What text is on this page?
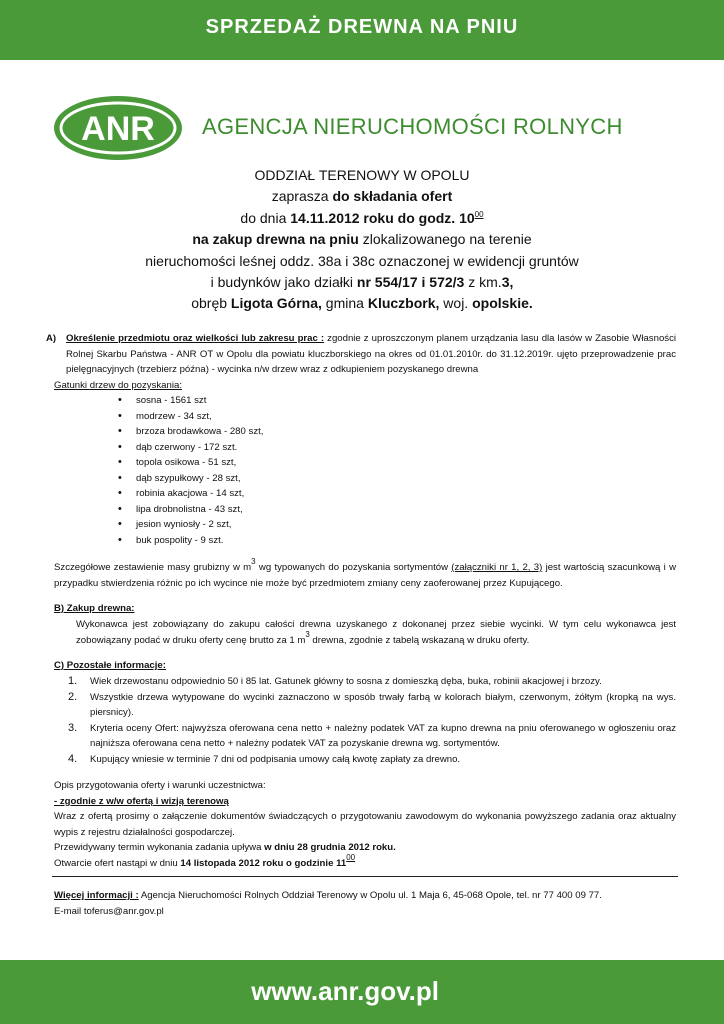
SPRZEDAŻ DREWNA NA PNIU
ANR AGENCJA NIERUCHOMOŚCI ROLNYCH
ODDZIAŁ TERENOWY W OPOLU
zaprasza do składania ofert
do dnia 14.11.2012 roku do godz. $10^{00}$
na zakup drewna na pniu zlokalizowanego na terenie
nieruchomości leśnej oddz. 38a i 38c oznaczonej w ewidencji gruntów
i budynków jako działki nr 554/17 i 572/3 z km.3,
obręb Ligota Górna, gmina Kluczbork, woj. opolskie.
A) Określenie przedmiotu oraz wielkości lub zakresu prac : zgodnie z uproszczonym planem urządzania lasu dla lasów w Zasobie Własności Rolnej Skarbu Państwa - ANR OT w Opolu dla powiatu kluczborskiego na okres od 01.01.2010r. do 31.12.2019r. ujęto przeprowadzenie prac pielęgnacyjnych (trzebierz późna) - wycinka n/w drzew wraz z odkupieniem pozyskanego drewna
Gatunki drzew do pozyskania:
• sosna - 1561 szt
• modrzew - 34 szt,
• brzoza brodawkowa - 280 szt,
• dąb czerwony - 172 szt.
• topola osikowa - 51 szt,
• dąb szypułkowy - 28 szt,
• robinia akacjowa - 14 szt,
• lipa drobnolistna - 43 szt,
• jesion wyniosły - 2 szt,
• buk pospolity - 9 szt.
Szczegółowe zestawienie masy grubizny w $m^3$ wg typowanych do pozyskania sortymentów (załączniki nr 1, 2, 3) jest wartością szacunkową i w przypadku stwierdzenia różnic po ich wycince nie może być przedmiotem zmiany ceny zaoferowanej przez Kupującego.
B) Zakup drewna:
Wykonawca jest zobowiązany do zakupu całości drewna uzyskanego z dokonanej przez siebie wycinki. W tym celu wykonawca jest zobowiązany podać w druku oferty cenę brutto za 1 $m^3$ drewna, zgodnie z tabelą wskazaną w druku oferty.
C) Pozostałe informacje:
1. Wiek drzewostanu odpowiednio 50 i 85 lat. Gatunek główny to sosna z domieszką dęba, buka, robinii akacjowej i brzozy.
2. Wszystkie drzewa wytypowane do wycinki zaznaczono w sposób trwały farbą w kolorach białym, czerwonym, żółtym (kropką na wys. piersnicy).
3. Kryteria oceny Ofert: najwyższa oferowana cena netto + należny podatek VAT za kupno drewna na pniu oferowanego w ogłoszeniu oraz najniższa oferowana cena netto + należny podatek VAT za pozyskanie drewna wg. sortymentów.
4. Kupujący wniesie w terminie 7 dni od podpisania umowy całą kwotę zapłaty za drewno.
Opis przygotowania oferty i warunki uczestnictwa:
- zgodnie z w/w ofertą i wizją terenową
Wraz z ofertą prosimy o załączenie dokumentów świadczących o przygotowaniu zawodowym do wykonania powyższego zadania oraz aktualny wypis z rejestru działalności gospodarczej.
Przewidywany termin wykonania zadania upływa w dniu 28 grudnia 2012 roku.
Otwarcie ofert nastąpi w dniu 14 listopada 2012 roku o godzinie $11^{00}$
Więcej informacji : Agencja Nieruchomości Rolnych Oddział Terenowy w Opolu ul. 1 Maja 6, 45-068 Opole, tel. nr 77 400 09 77.
E-mail toferus@anr.gov.pl
www.anr.gov.pl
